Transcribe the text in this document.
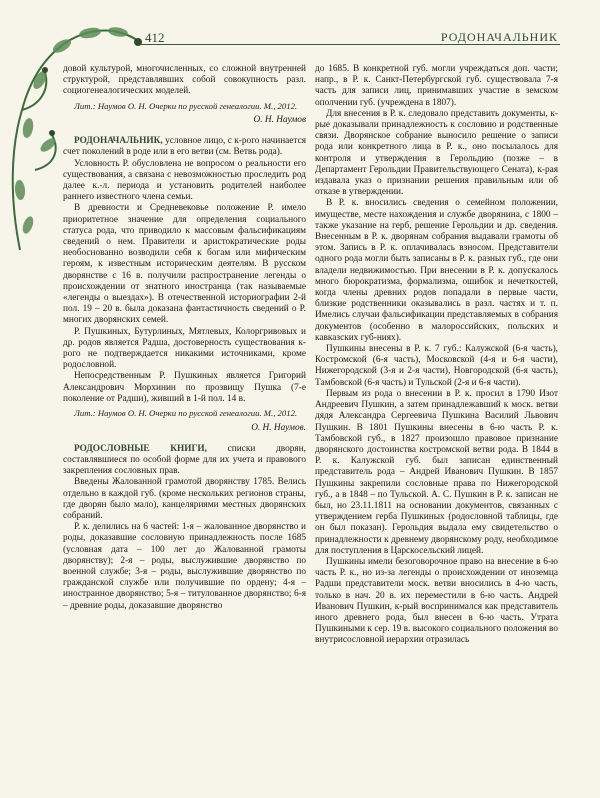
412	РОДОНАЧАЛЬНИК

довой культурой, многочисленных, со сложной внутренней структурой, представлявших собой совокупность разл. социогенеалогических моделей.

Лит.: Наумов О. Н. Очерки по русской генеалогии. М., 2012.

О. Н. Наумов

РОДОНАЧАЛЬНИК, условное лицо, с к-рого начинается счет поколений в роде или в его ветви (см. Ветвь рода).

Условность Р. обусловлена не вопросом о реальности его существования, а связана с невозможностью проследить род далее к.-л. периода и установить родителей наиболее раннего известного члена семьи.

В древности и Средневековье положение Р. имело приоритетное значение для определения социального статуса рода, что приводило к массовым фальсификациям сведений о нем. Правители и аристократические роды необоснованно возводили себя к богам или мифическим героям, к известным историческим деятелям. В русском дворянстве с 16 в. получили распространение легенды о происхождении от знатного иностранца (так называемые «легенды о выездах»). В отечественной историографии 2-й пол. 19 – 20 в. была доказана фантастичность сведений о Р. многих дворянских семей.

Р. Пушкиных, Бутурлиных, Мятлевых, Колоргривовых и др. родов является Радша, достоверность существования к-рого не подтверждается никакими источниками, кроме родословной.

Непосредственным Р. Пушкиных является Григорий Александрович Морхинин по прозвищу Пушка (7-е поколение от Радши), живший в 1-й пол. 14 в.

Лит.: Наумов О. Н. Очерки по русской генеалогии. М., 2012.

О. Н. Наумов.

РОДОСЛОВНЫЕ КНИГИ, списки дворян, составлявшиеся по особой форме для их учета и правового закрепления сословных прав.

Введены Жалованной грамотой дворянству 1785. Велись отдельно в каждой губ. (кроме нескольких регионов страны, где дворян было мало), канцеляриями местных дворянских собраний.

Р. к. делились на 6 частей: 1-я – жалованное дворянство и роды, доказавшие сословную принадлежность после 1685 (условная дата – 100 лет до Жалованной грамоты дворянству); 2-я – роды, выслужившие дворянство по военной службе; 3-я – роды, выслужившие дворянство по гражданской службе или получившие по ордену; 4-я – иностранное дворянство; 5-я – титулованное дворянство; 6-я – древние роды, доказавшие дворянство

до 1685. В конкретной губ. могли учреждаться доп. части; напр., в Р. к. Санкт-Петербургской губ. существовала 7-я часть для записи лиц, принимавших участие в земском ополчении губ. (учреждена в 1807).

Для внесения в Р. к. следовало представить документы, к-рые доказывали принадлежность к сословию и родственные связи. Дворянское собрание выносило решение о записи рода или конкретного лица в Р. к., оно посылалось для контроля и утверждения в Герольдию (позже – в Департамент Герольдии Правительствующего Сената), к-рая издавала указ о признании решения правильным или об отказе в утверждении.

В Р. к. вносились сведения о семейном положении, имуществе, месте нахождения и службе дворянина, с 1800 – также указание на герб, решение Герольдии и др. сведения. Внесенным в Р. к. дворянам собрания выдавали грамоты об этом. Запись в Р. к. оплачивалась взносом. Представители одного рода могли быть записаны в Р. к. разных губ., где они владели недвижимостью. При внесении в Р. к. допускалось много бюрократизма, формализма, ошибок и нечеткостей, когда члены древних родов попадали в первые части, близкие родственники оказывались в разл. частях и т. п. Имелись случаи фальсификации представляемых в собрания документов (особенно в малороссийских, польских и кавказских губ-ниях).

Пушкины внесены в Р. к. 7 губ.: Калужской (6-я часть), Костромской (6-я часть), Московской (4-я и 6-я части), Нижегородской (3-я и 2-я части), Новгородской (6-я часть), Тамбовской (6-я часть) и Тульской (2-я и 6-я части).

Первым из рода о внесении в Р. к. просил в 1790 Изот Андреевич Пушкин, а затем принадлежавший к моск. ветви дядя Александра Сергеевича Пушкина Василий Львович Пушкин. В 1801 Пушкины внесены в 6-ю часть Р. к. Тамбовской губ., в 1827 произошло правовое признание дворянского достоинства костромской ветви рода. В 1844 в Р. к. Калужской губ. был записан единственный представитель рода – Андрей Иванович Пушкин. В 1857 Пушкины закрепили сословные права по Нижегородской губ., а в 1848 – по Тульской. А. С. Пушкин в Р. к. записан не был, но 23.11.1811 на основании документов, связанных с утверждением герба Пушкиных (родословной таблицы, где он был показан). Герольдия выдала ему свидетельство о принадлежности к древнему дворянскому роду, необходимое для поступления в Царскосельский лицей.

Пушкины имели безоговорочное право на внесение в 6-ю часть Р. к., но из-за легенды о происхождении от иноземца Радши представители моск. ветви вносились в 4-ю часть, только в нач. 20 в. их переместили в 6-ю часть. Андрей Иванович Пушкин, к-рый воспринимался как представитель иного древнего рода, был внесен в 6-ю часть. Утрата Пушкиными к сер. 19 в. высокого социального положения во внутрисословной иерархии отразилась
